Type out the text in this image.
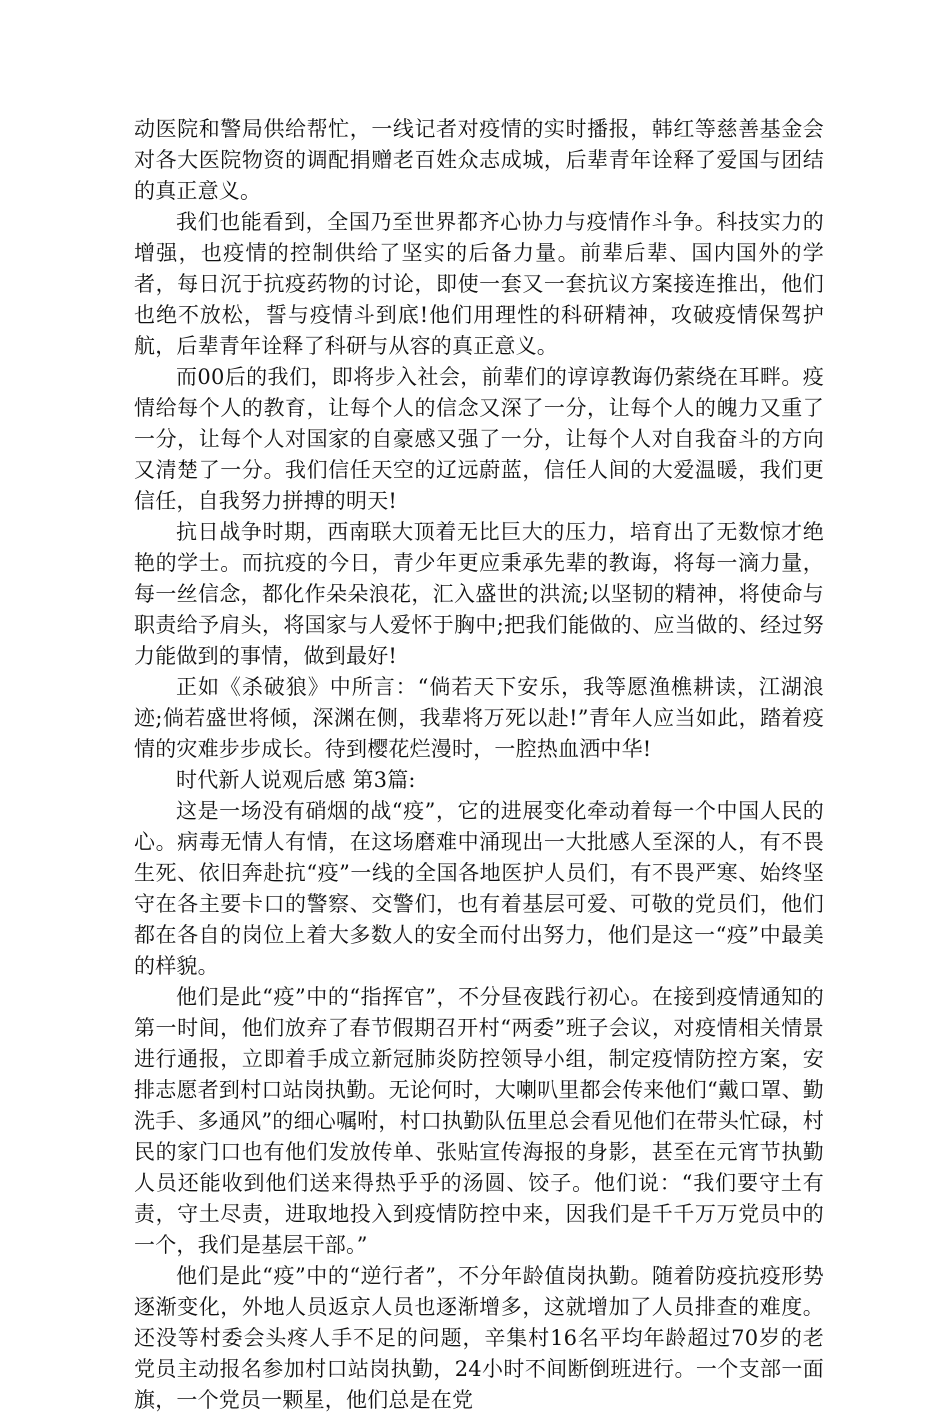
动医院和警局供给帮忙，一线记者对疫情的实时播报，韩红等慈善基金会对各大医院物资的调配捐赠老百姓众志成城，后辈青年诠释了爱国与团结的真正意义。

我们也能看到，全国乃至世界都齐心协力与疫情作斗争。科技实力的增强，也疫情的控制供给了坚实的后备力量。前辈后辈、国内国外的学者，每日沉于抗疫药物的讨论，即使一套又一套抗议方案接连推出，他们也绝不放松，誓与疫情斗到底!他们用理性的科研精神，攻破疫情保驾护航，后辈青年诠释了科研与从容的真正意义。

而00后的我们，即将步入社会，前辈们的谆谆教诲仍萦绕在耳畔。疫情给每个人的教育，让每个人的信念又深了一分，让每个人的魄力又重了一分，让每个人对国家的自豪感又强了一分，让每个人对自我奋斗的方向又清楚了一分。我们信任天空的辽远蔚蓝，信任人间的大爱温暖，我们更信任，自我努力拼搏的明天!

抗日战争时期，西南联大顶着无比巨大的压力，培育出了无数惊才绝艳的学士。而抗疫的今日，青少年更应秉承先辈的教诲，将每一滴力量，每一丝信念，都化作朵朵浪花，汇入盛世的洪流;以坚韧的精神，将使命与职责给予肩头，将国家与人爱怀于胸中;把我们能做的、应当做的、经过努力能做到的事情，做到最好!

正如《杀破狼》中所言：“倘若天下安乐，我等愿渔樵耕读，江湖浪迹;倘若盛世将倾，深渊在侧，我辈将万死以赴!”青年人应当如此，踏着疫情的灾难步步成长。待到樱花烂漫时，一腔热血洒中华!

时代新人说观后感 第3篇:

这是一场没有硝烟的战“疫”，它的进展变化牵动着每一个中国人民的心。病毒无情人有情，在这场磨难中涌现出一大批感人至深的人，有不畏生死、依旧奔赴抗“疫”一线的全国各地医护人员们，有不畏严寒、始终坚守在各主要卡口的警察、交警们，也有着基层可爱、可敬的党员们，他们都在各自的岗位上着大多数人的安全而付出努力，他们是这一“疫”中最美的样貌。

他们是此“疫”中的“指挥官”，不分昼夜践行初心。在接到疫情通知的第一时间，他们放弃了春节假期召开村“两委”班子会议，对疫情相关情景进行通报，立即着手成立新冠肺炎防控领导小组，制定疫情防控方案，安排志愿者到村口站岗执勤。无论何时，大喇叭里都会传来他们“戴口罩、勤洗手、多通风”的细心嘱咐，村口执勤队伍里总会看见他们在带头忙碌，村民的家门口也有他们发放传单、张贴宣传海报的身影，甚至在元宵节执勤人员还能收到他们送来得热乎乎的汤圆、饺子。他们说：“我们要守土有责，守土尽责，进取地投入到疫情防控中来，因我们是千千万万党员中的一个，我们是基层干部。”

他们是此“疫”中的“逆行者”，不分年龄值岗执勤。随着防疫抗疫形势逐渐变化，外地人员返京人员也逐渐增多，这就增加了人员排查的难度。还没等村委会头疼人手不足的问题，辛集村16名平均年龄超过70岁的老党员主动报名参加村口站岗执勤，24小时不间断倒班进行。一个支部一面旗，一个党员一颗星，他们总是在党
